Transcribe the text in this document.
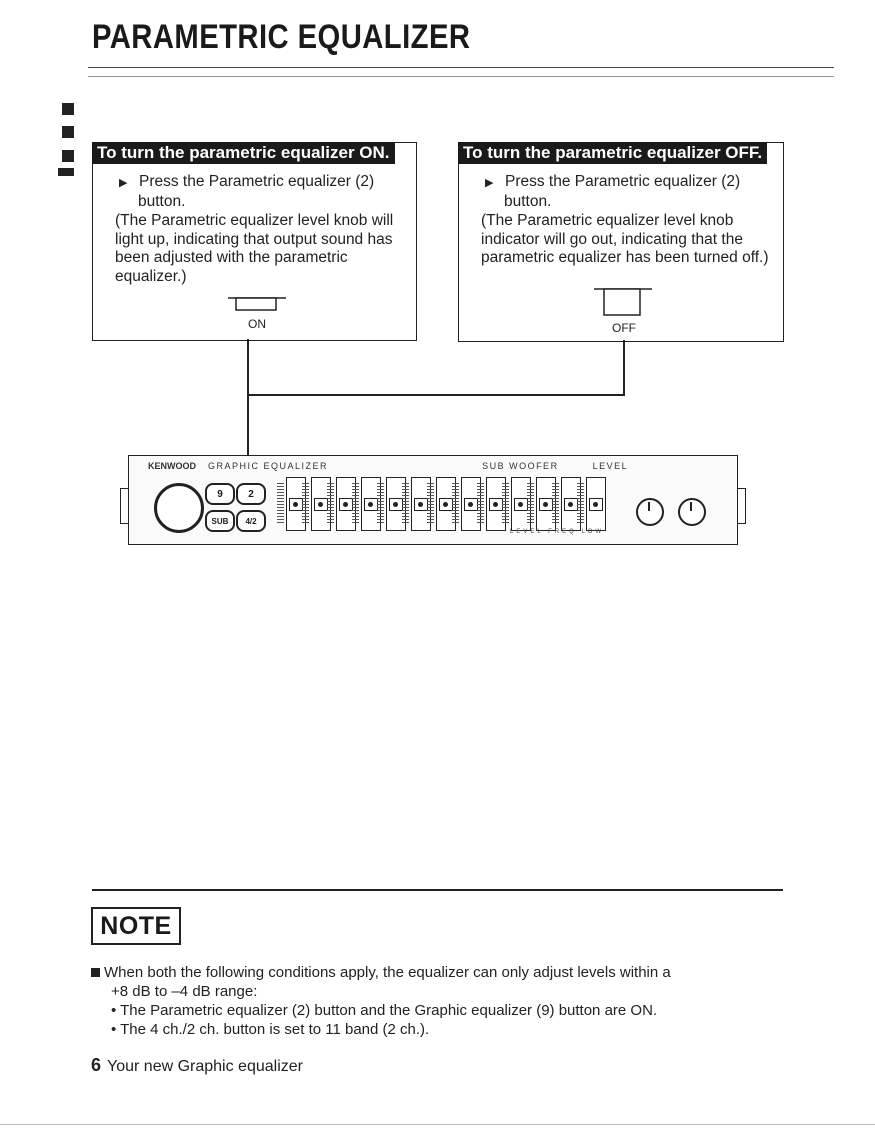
PARAMETRIC EQUALIZER
To turn the parametric equalizer ON.
▶ Press the Parametric equalizer (2)
button.
(The Parametric equalizer level knob will light up, indicating that output sound has been adjusted with the parametric equalizer.)
ON
To turn the parametric equalizer OFF.
▶ Press the Parametric equalizer (2)
button.
(The Parametric equalizer level knob indicator will go out, indicating that the parametric equalizer has been turned off.)
OFF
KENWOOD GRAPHIC EQUALIZER	SUB WOOFER	LEVEL
9	2
SUB	4/2
LEVEL FREQ LOW
NOTE
When both the following conditions apply, the equalizer can only adjust levels within a
+8 dB to –4 dB range:
• The Parametric equalizer (2) button and the Graphic equalizer (9) button are ON.
• The 4 ch./2 ch. button is set to 11 band (2 ch.).
6 Your new Graphic equalizer
